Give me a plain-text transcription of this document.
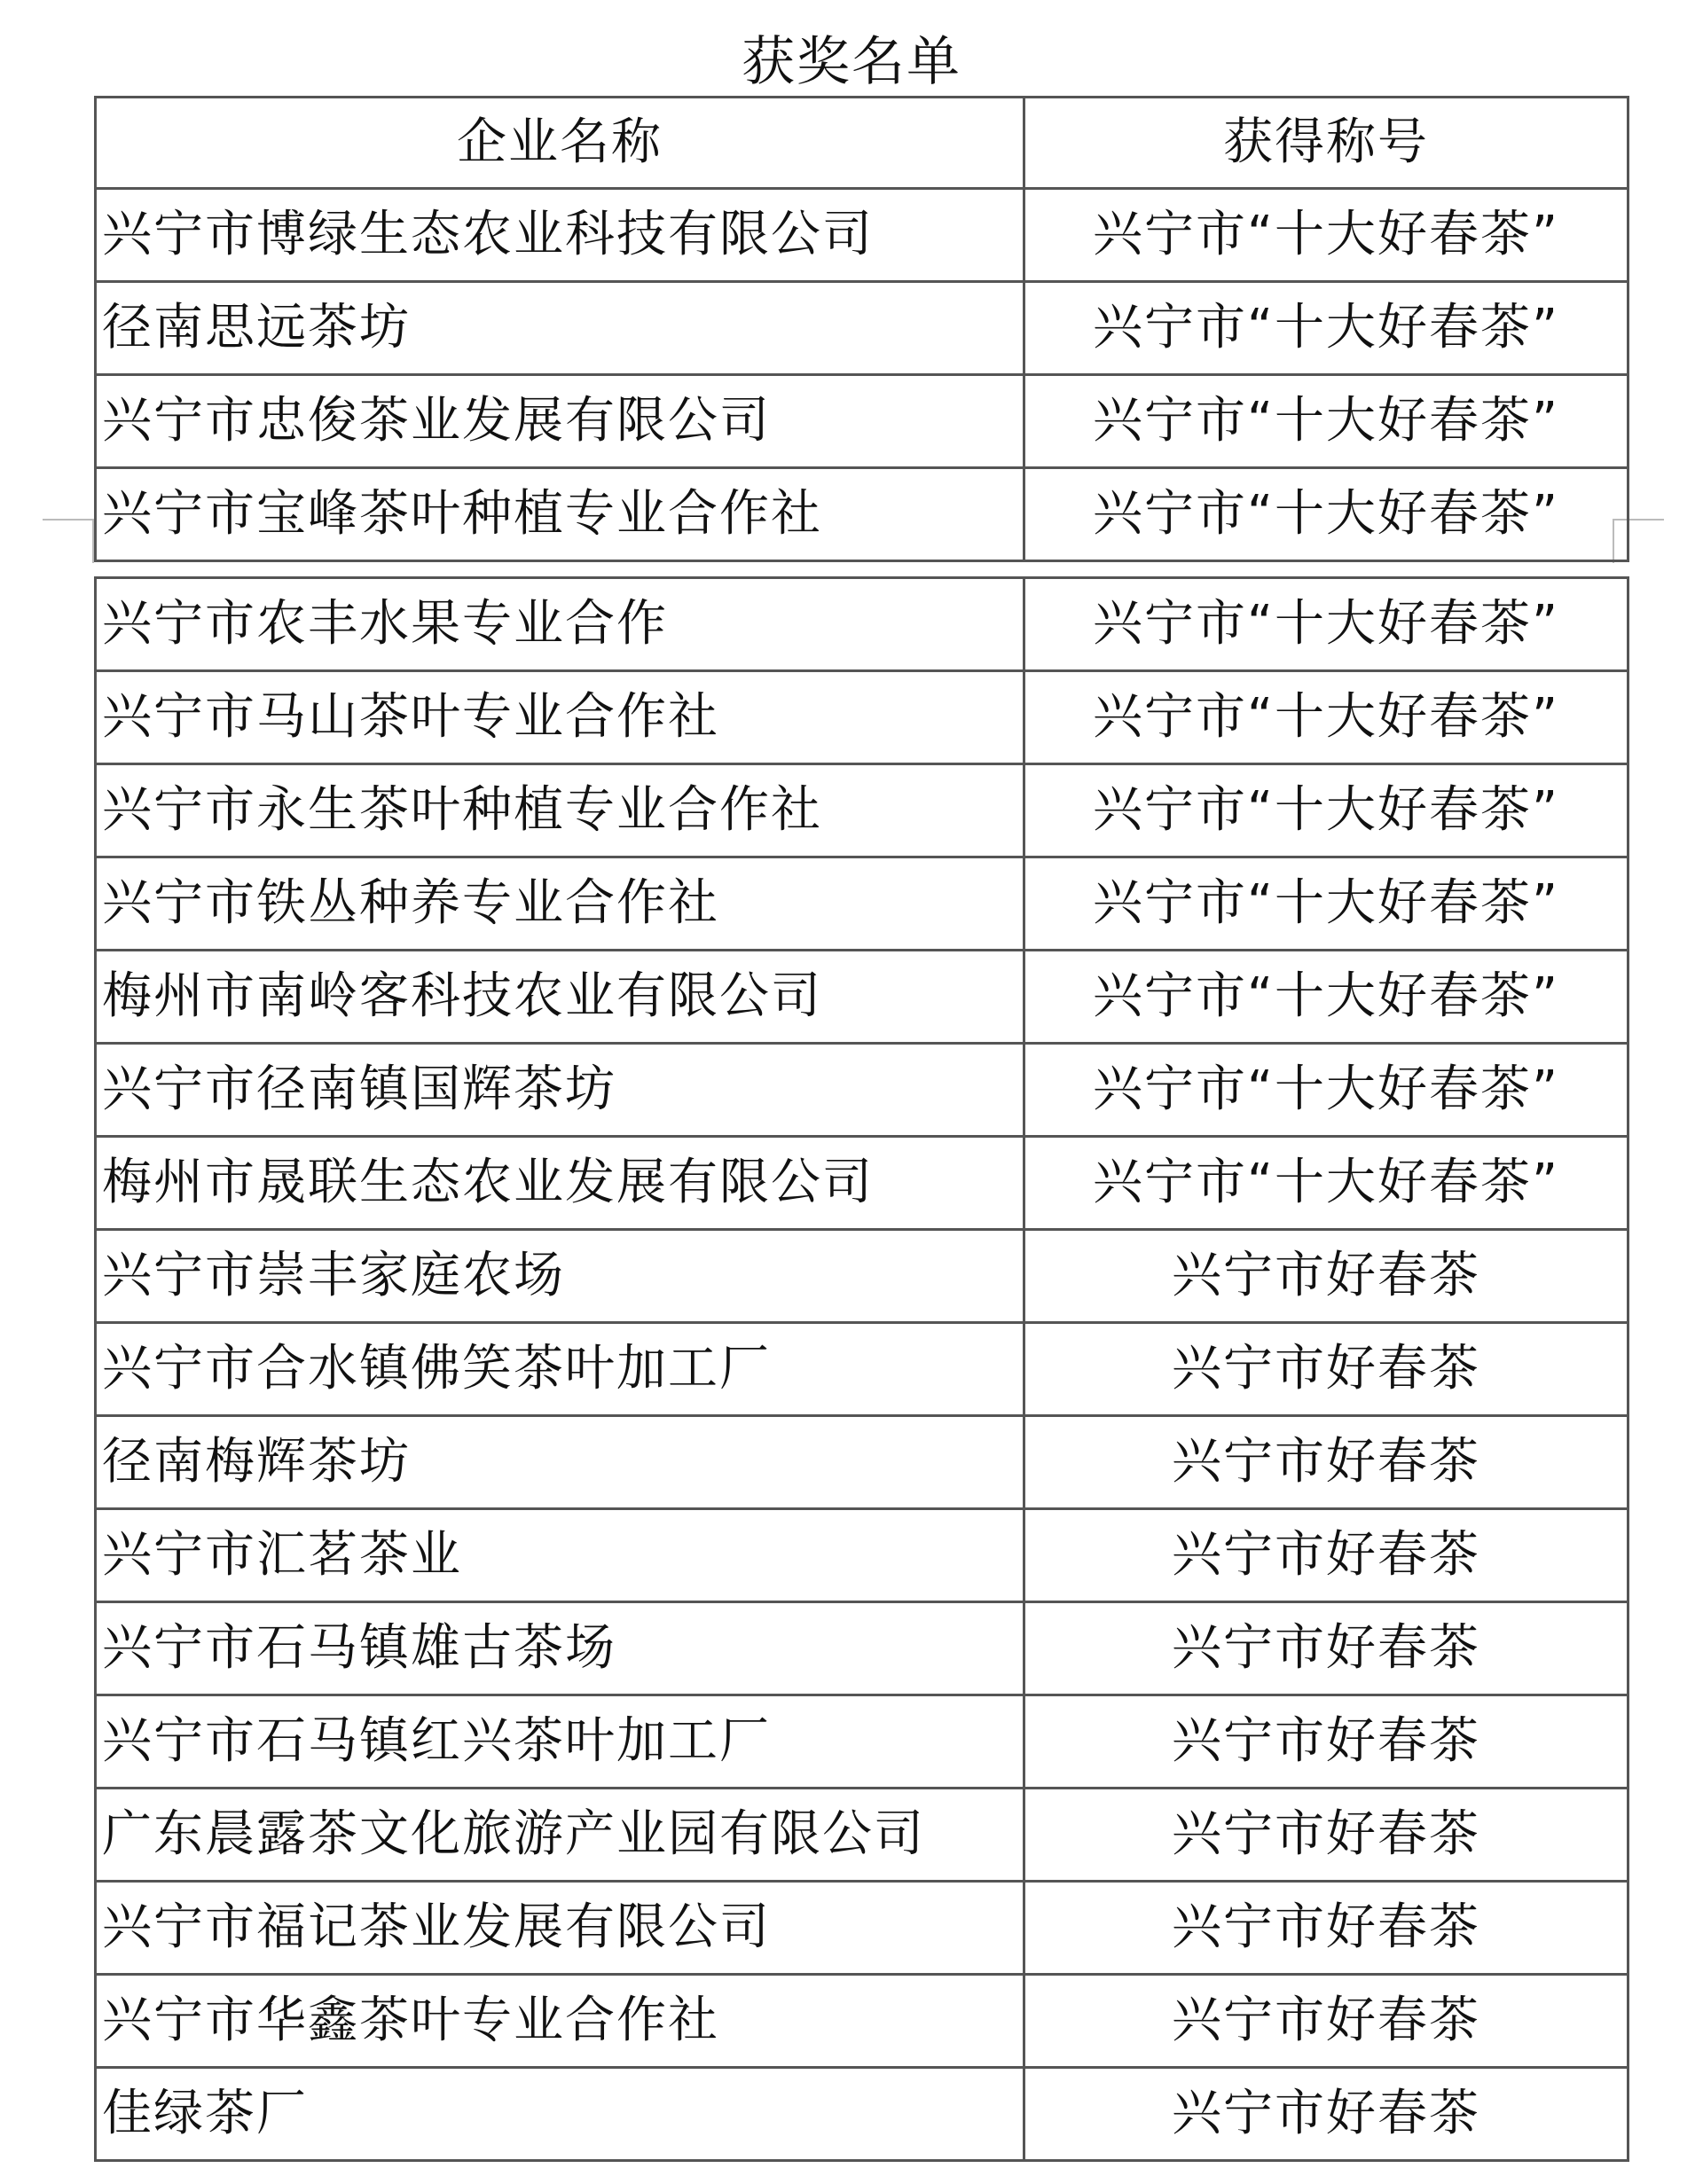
获奖名单
企业名称	获得称号
兴宁市博绿生态农业科技有限公司	兴宁市“十大好春茶”
径南思远茶坊	兴宁市“十大好春茶”
兴宁市忠俊茶业发展有限公司	兴宁市“十大好春茶”
兴宁市宝峰茶叶种植专业合作社	兴宁市“十大好春茶”
兴宁市农丰水果专业合作	兴宁市“十大好春茶”
兴宁市马山茶叶专业合作社	兴宁市“十大好春茶”
兴宁市永生茶叶种植专业合作社	兴宁市“十大好春茶”
兴宁市铁丛种养专业合作社	兴宁市“十大好春茶”
梅州市南岭客科技农业有限公司	兴宁市“十大好春茶”
兴宁市径南镇国辉茶坊	兴宁市“十大好春茶”
梅州市晟联生态农业发展有限公司	兴宁市“十大好春茶”
兴宁市崇丰家庭农场	兴宁市好春茶
兴宁市合水镇佛笑茶叶加工厂	兴宁市好春茶
径南梅辉茶坊	兴宁市好春茶
兴宁市汇茗茶业	兴宁市好春茶
兴宁市石马镇雄古茶场	兴宁市好春茶
兴宁市石马镇红兴茶叶加工厂	兴宁市好春茶
广东晨露茶文化旅游产业园有限公司	兴宁市好春茶
兴宁市福记茶业发展有限公司	兴宁市好春茶
兴宁市华鑫茶叶专业合作社	兴宁市好春茶
佳绿茶厂	兴宁市好春茶
